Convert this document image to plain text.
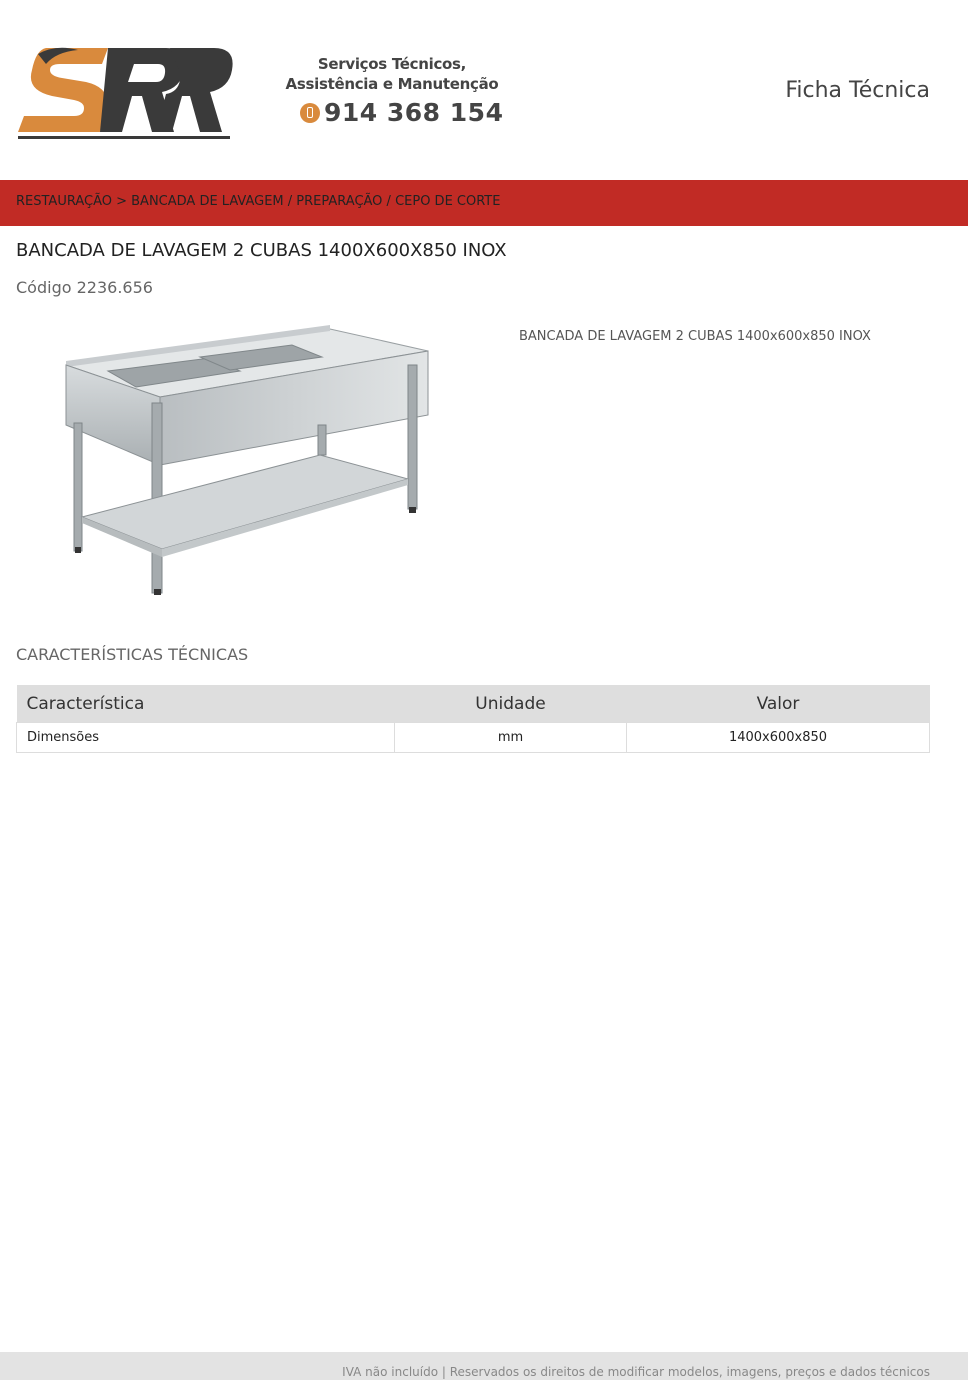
Serviços Técnicos,
Assistência e Manutenção
914 368 154
Ficha Técnica
RESTAURAÇÃO > BANCADA DE LAVAGEM / PREPARAÇÃO / CEPO DE CORTE
BANCADA DE LAVAGEM 2 CUBAS 1400X600X850 INOX
Código 2236.656
BANCADA DE LAVAGEM 2 CUBAS 1400x600x850 INOX
CARACTERÍSTICAS TÉCNICAS
Característica	Unidade	Valor
Dimensões	mm	1400x600x850
IVA não incluído | Reservados os direitos de modificar modelos, imagens, preços e dados técnicos
